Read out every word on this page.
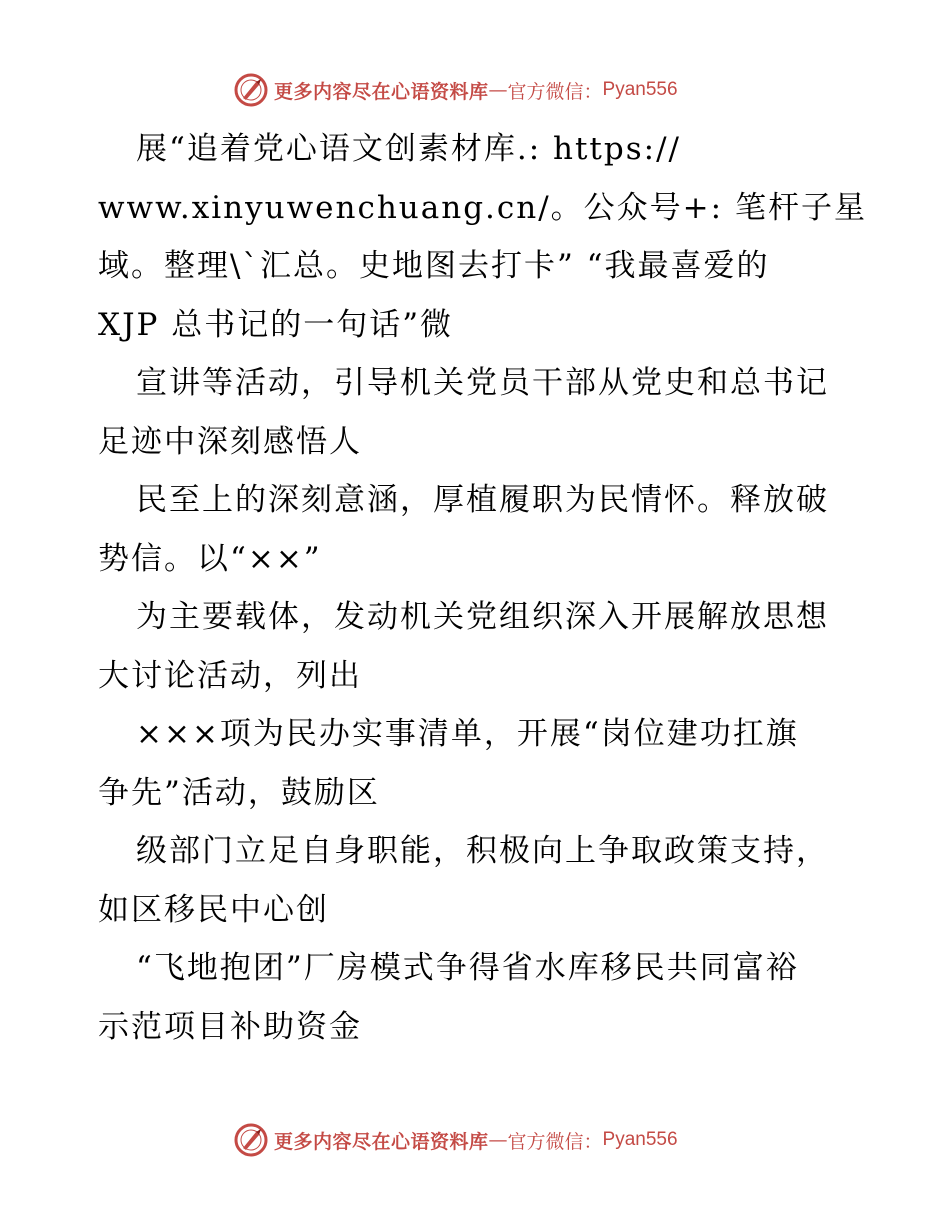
更多内容尽在心语资料库 — 官方微信： Pyan556
展“追着党心语文创素材库.: https://
www.xinyuwenchuang.cn/。公众号+: 笔杆子星
域。整理\`汇总。史地图去打卡” “我最喜爱的
XJP 总书记的一句话”微
宣讲等活动，引导机关党员干部从党史和总书记
足迹中深刻感悟人
民至上的深刻意涵，厚植履职为民情怀。释放破
势信。以“××”
为主要载体，发动机关党组织深入开展解放思想
大讨论活动，列出
×××项为民办实事清单，开展“岗位建功扛旗
争先”活动，鼓励区
级部门立足自身职能，积极向上争取政策支持，
如区移民中心创
“飞地抱团”厂房模式争得省水库移民共同富裕
示范项目补助资金
更多内容尽在心语资料库 — 官方微信： Pyan556
